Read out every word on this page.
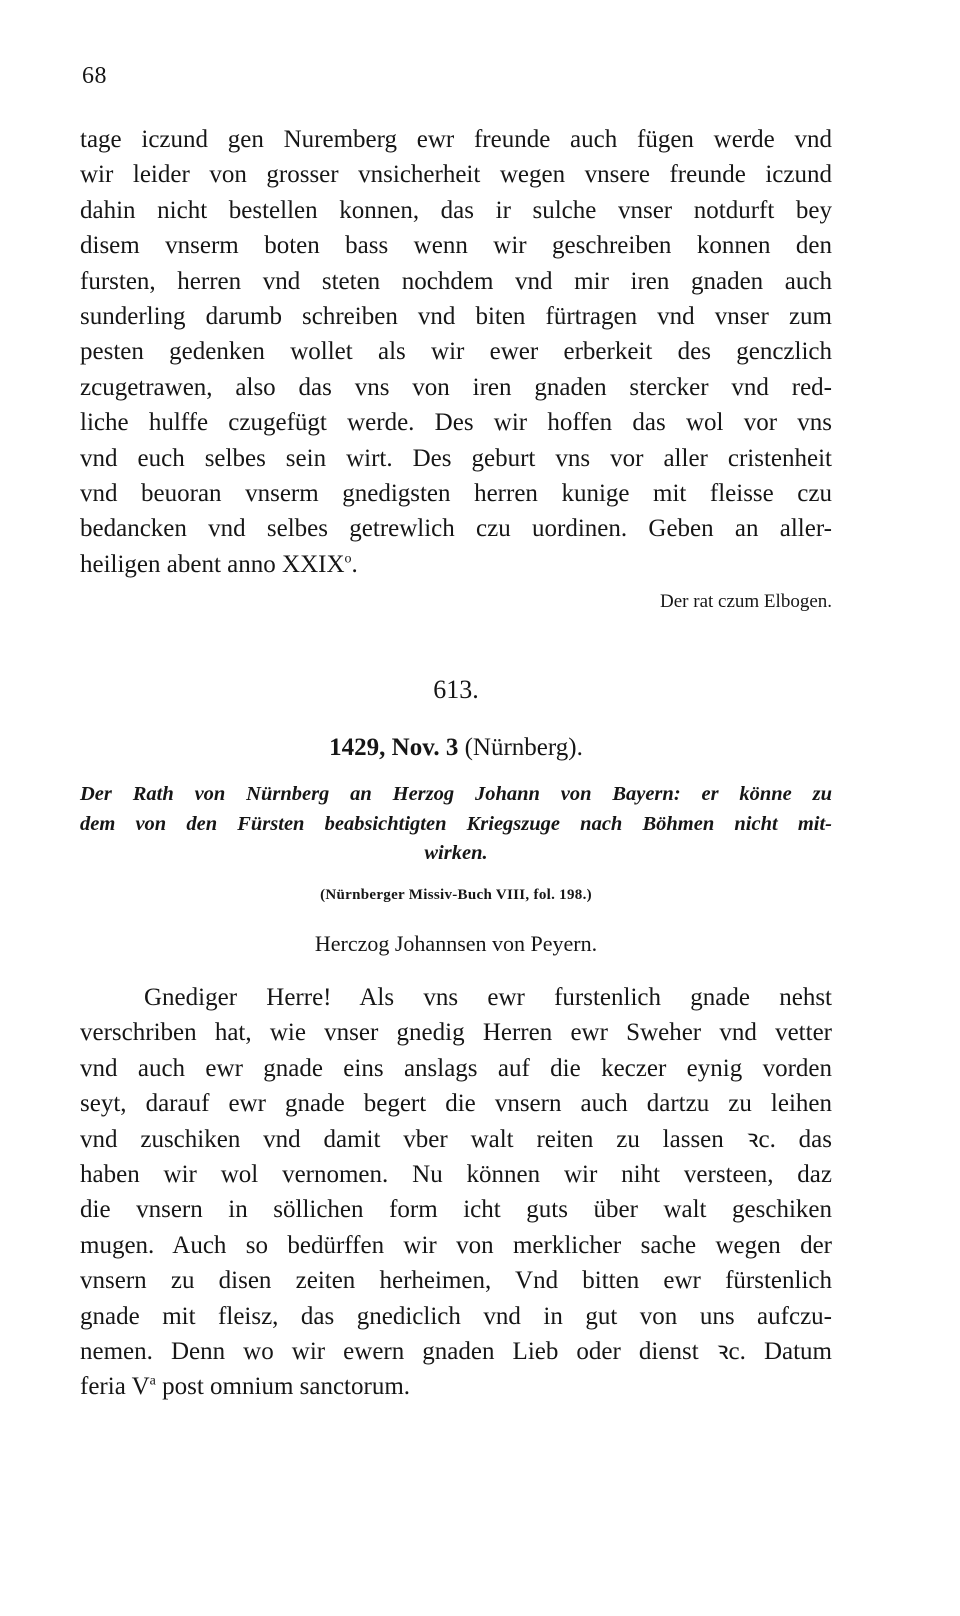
68
tage iczund gen Nuremberg ewr freunde auch fügen werde vnd
wir leider von grosser vnsicherheit wegen vnsere freunde iczund
dahin nicht bestellen konnen, das ir sulche vnser notdurft bey
disem vnserm boten bass wenn wir geschreiben konnen den
fursten, herren vnd steten nochdem vnd mir iren gnaden auch
sunderling darumb schreiben vnd biten fürtragen vnd vnser zum
pesten gedenken wollet als wir ewer erberkeit des genczlich
zcugetrawen, also das vns von iren gnaden stercker vnd red-
liche hulffe czugefügt werde. Des wir hoffen das wol vor vns
vnd euch selbes sein wirt. Des geburt vns vor aller cristenheit
vnd beuoran vnserm gnedigsten herren kunige mit fleisse czu
bedancken vnd selbes getrewlich czu uordinen. Geben an aller-
heiligen abent anno XXIX$^o$.
Der rat czum Elbogen.
613.
1429, Nov. 3 (Nürnberg).
Der Rath von Nürnberg an Herzog Johann von Bayern: er könne zu
dem von den Fürsten beabsichtigten Kriegszuge nach Böhmen nicht mit-
wirken.
(Nürnberger Missiv-Buch VIII, fol. 198.)
Herczog Johannsen von Peyern.
Gnediger Herre! Als vns ewr furstenlich gnade nehst
verschriben hat, wie vnser gnedig Herren ewr Sweher vnd vetter
vnd auch ewr gnade eins anslags auf die keczer eynig vorden
seyt, darauf ewr gnade begert die vnsern auch dartzu zu leihen
vnd zuschiken vnd damit vber walt reiten zu lassen ꝛc. das
haben wir wol vernomen. Nu können wir niht versteen, daz
die vnsern in söllichen form icht guts über walt geschiken
mugen. Auch so bedürffen wir von merklicher sache wegen der
vnsern zu disen zeiten herheimen, Vnd bitten ewr fürstenlich
gnade mit fleisz, das gnediclich vnd in gut von uns aufczu-
nemen. Denn wo wir ewern gnaden Lieb oder dienst ꝛc. Datum
feria $V^a$ post omnium sanctorum.
